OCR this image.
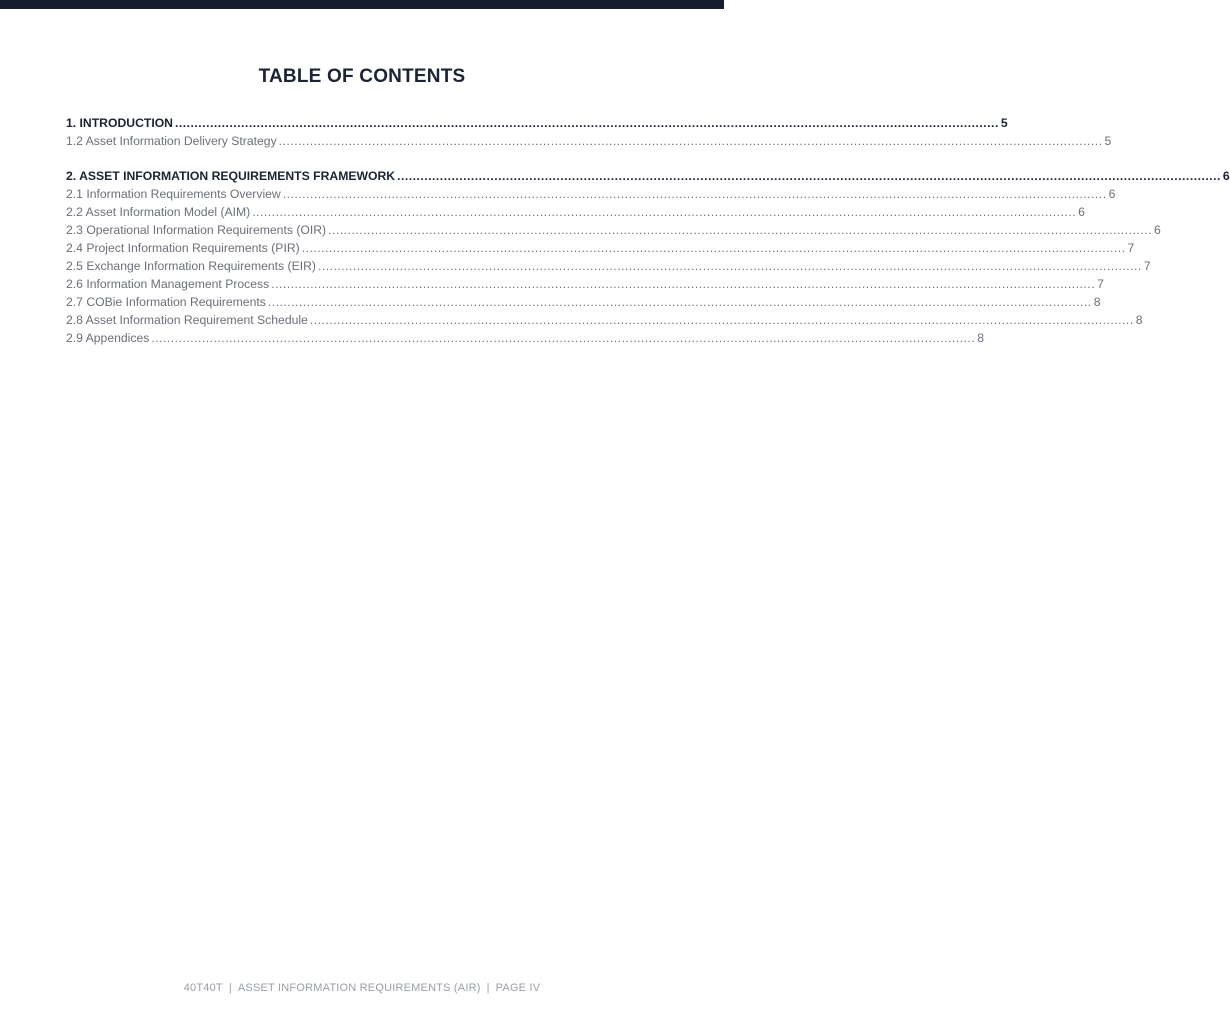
TABLE OF CONTENTS
1. INTRODUCTION .................................................................................................................................................................................................................... 5
1.2 Asset Information Delivery Strategy .................................................................................................................................................................................................................... 5
2. ASSET INFORMATION REQUIREMENTS FRAMEWORK .................................................................................................................................................................................................................... 6
2.1 Information Requirements Overview .................................................................................................................................................................................................................... 6
2.2 Asset Information Model (AIM) .................................................................................................................................................................................................................... 6
2.3 Operational Information Requirements (OIR) .................................................................................................................................................................................................................... 6
2.4 Project Information Requirements (PIR) .................................................................................................................................................................................................................... 7
2.5 Exchange Information Requirements (EIR) .................................................................................................................................................................................................................... 7
2.6 Information Management Process .................................................................................................................................................................................................................... 7
2.7 COBie Information Requirements .................................................................................................................................................................................................................... 8
2.8 Asset Information Requirement Schedule .................................................................................................................................................................................................................... 8
2.9 Appendices .................................................................................................................................................................................................................... 8
40T40T | ASSET INFORMATION REQUIREMENTS (AIR) | PAGE IV
